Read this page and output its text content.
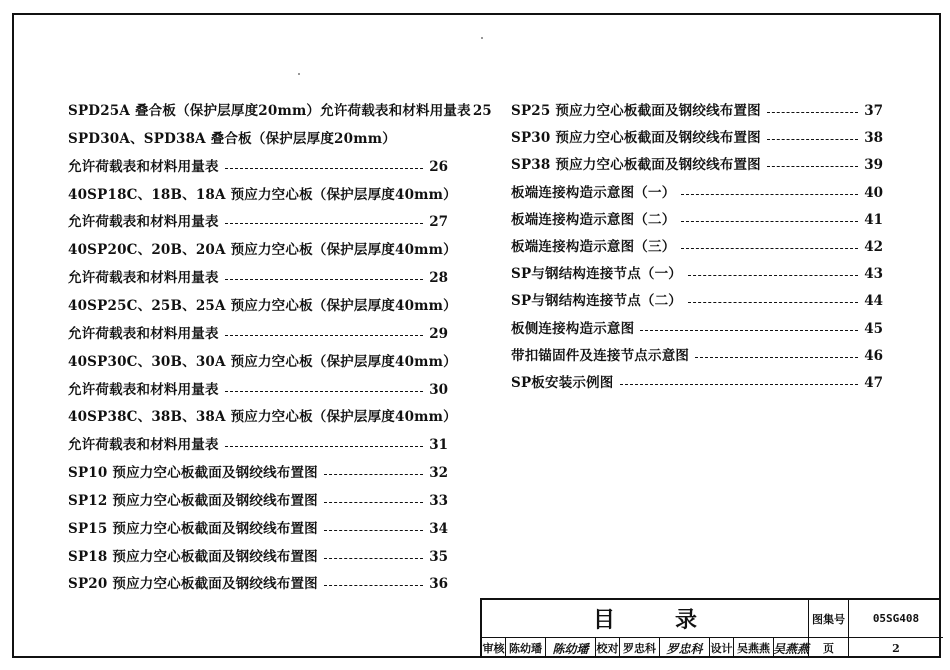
SPD25A 叠合板（保护层厚度20mm）允许荷载表和材料用量表 25
SPD30A、SPD38A 叠合板（保护层厚度20mm）
允许荷载表和材料用量表	26
40SP18C、18B、18A 预应力空心板（保护层厚度40mm）
允许荷载表和材料用量表	27
40SP20C、20B、20A 预应力空心板（保护层厚度40mm）
允许荷载表和材料用量表	28
40SP25C、25B、25A 预应力空心板（保护层厚度40mm）
允许荷载表和材料用量表	29
40SP30C、30B、30A 预应力空心板（保护层厚度40mm）
允许荷载表和材料用量表	30
40SP38C、38B、38A 预应力空心板（保护层厚度40mm）
允许荷载表和材料用量表	31
SP10 预应力空心板截面及钢绞线布置图	32
SP12 预应力空心板截面及钢绞线布置图	33
SP15 预应力空心板截面及钢绞线布置图	34
SP18 预应力空心板截面及钢绞线布置图	35
SP20 预应力空心板截面及钢绞线布置图	36
SP25 预应力空心板截面及钢绞线布置图	37
SP30 预应力空心板截面及钢绞线布置图	38
SP38 预应力空心板截面及钢绞线布置图	39
板端连接构造示意图（一）	40
板端连接构造示意图（二）	41
板端连接构造示意图（三）	42
SP与钢结构连接节点（一）	43
SP与钢结构连接节点（二）	44
板侧连接构造示意图	45
带扣锚固件及连接节点示意图	46
SP板安装示例图	47
目录	图集号	05SG408
审核 陈幼璠 陈幼璠 校对 罗忠科 罗忠科 设计 吴燕燕 吴燕燕	页	2
